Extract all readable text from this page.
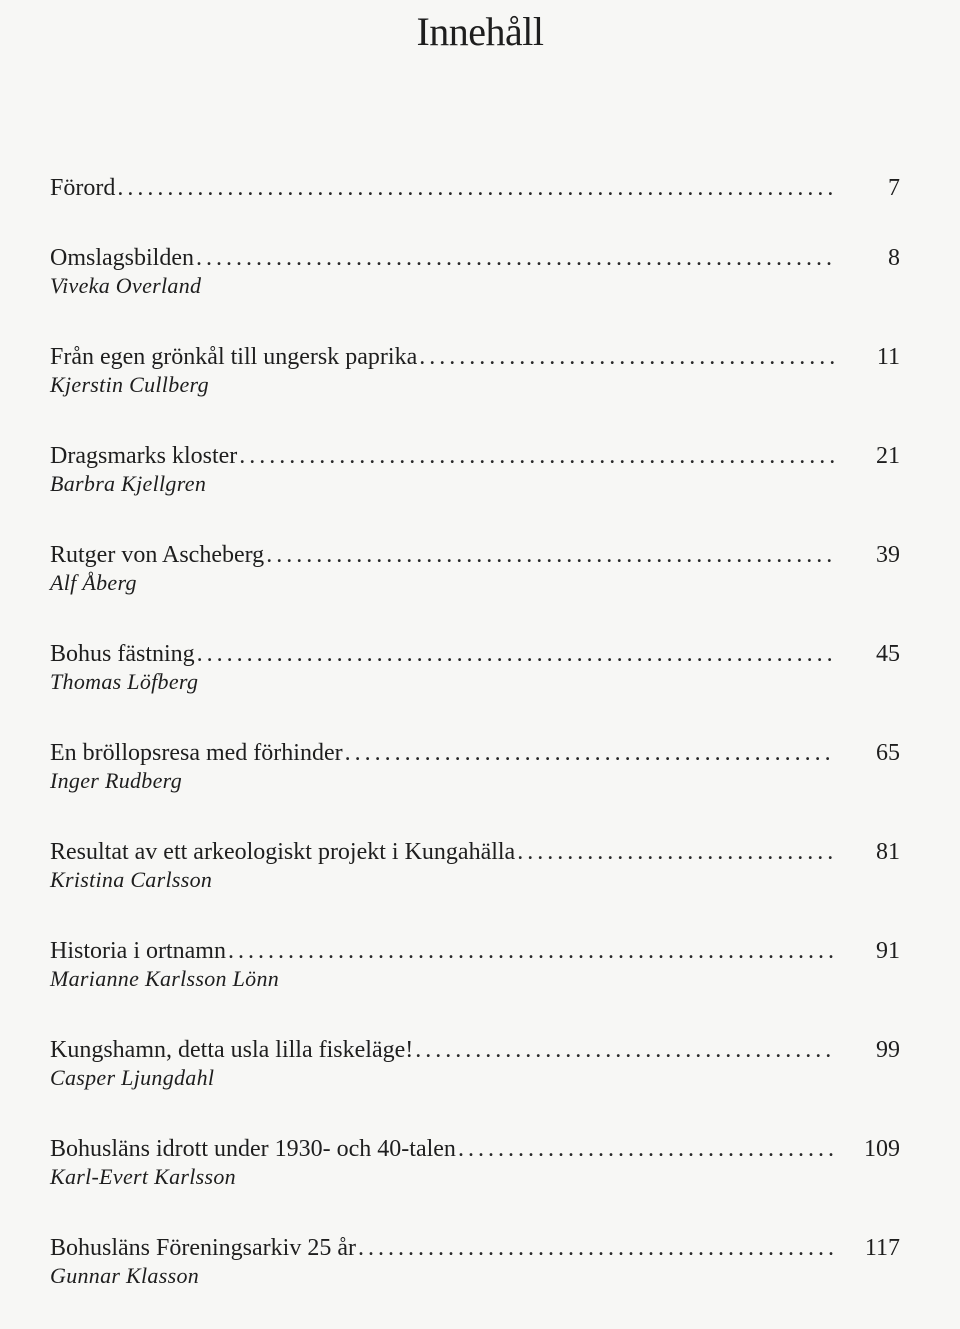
Innehåll
Förord . . .	7
Omslagsbilden . . .	8
Viveka Overland
Från egen grönkål till ungersk paprika . . .	11
Kjerstin Cullberg
Dragsmarks kloster . . .	21
Barbra Kjellgren
Rutger von Ascheberg . . .	39
Alf Åberg
Bohus fästning . . .	45
Thomas Löfberg
En bröllopsresa med förhinder . . .	65
Inger Rudberg
Resultat av ett arkeologiskt projekt i Kungahälla . . .	81
Kristina Carlsson
Historia i ortnamn . . .	91
Marianne Karlsson Lönn
Kungshamn, detta usla lilla fiskeläge! . . .	99
Casper Ljungdahl
Bohusläns idrott under 1930- och 40-talen . . .	109
Karl-Evert Karlsson
Bohusläns Föreningsarkiv 25 år . . .	117
Gunnar Klasson
